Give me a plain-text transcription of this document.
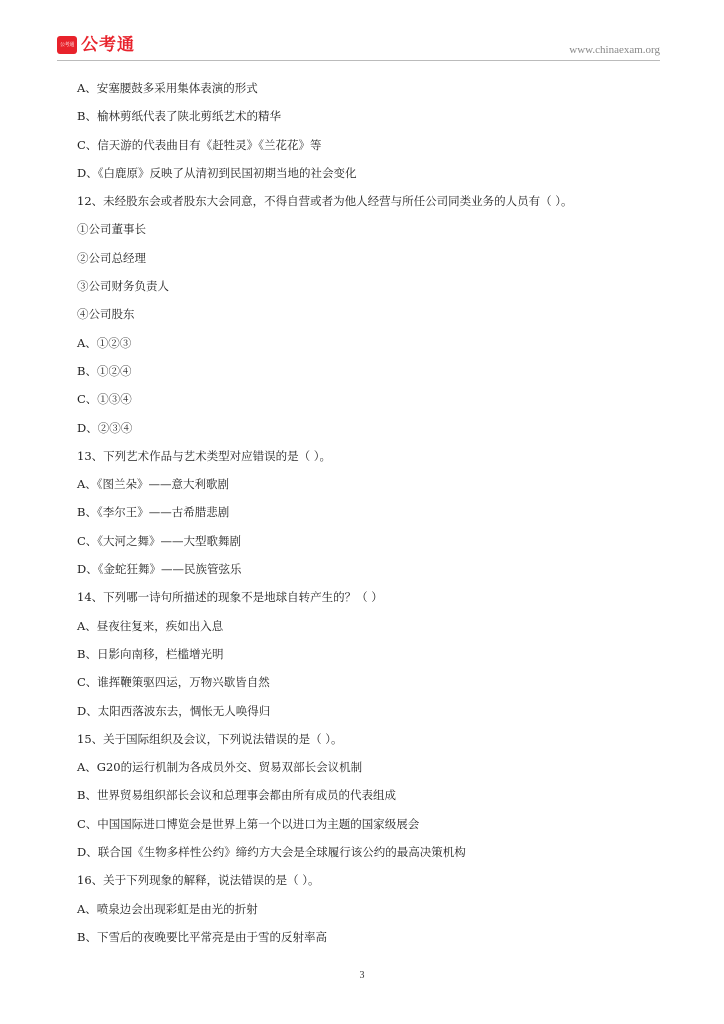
公考通 公考通	www.chinaexam.org
A、安塞腰鼓多采用集体表演的形式
B、榆林剪纸代表了陕北剪纸艺术的精华
C、信天游的代表曲目有《赶牲灵》《兰花花》等
D、《白鹿原》反映了从清初到民国初期当地的社会变化
12、未经股东会或者股东大会同意，不得自营或者为他人经营与所任公司同类业务的人员有（ ）。
①公司董事长
②公司总经理
③公司财务负责人
④公司股东
A、①②③
B、①②④
C、①③④
D、②③④
13、下列艺术作品与艺术类型对应错误的是（ ）。
A、《图兰朵》——意大利歌剧
B、《李尔王》——古希腊悲剧
C、《大河之舞》——大型歌舞剧
D、《金蛇狂舞》——民族管弦乐
14、下列哪一诗句所描述的现象不是地球自转产生的？（ ）
A、昼夜往复来，疾如出入息
B、日影向南移，栏槛增光明
C、谁挥鞭策驱四运，万物兴歇皆自然
D、太阳西落波东去，惆怅无人唤得归
15、关于国际组织及会议，下列说法错误的是（ ）。
A、G20的运行机制为各成员外交、贸易双部长会议机制
B、世界贸易组织部长会议和总理事会都由所有成员的代表组成
C、中国国际进口博览会是世界上第一个以进口为主题的国家级展会
D、联合国《生物多样性公约》缔约方大会是全球履行该公约的最高决策机构
16、关于下列现象的解释，说法错误的是（ ）。
A、喷泉边会出现彩虹是由光的折射
B、下雪后的夜晚要比平常亮是由于雪的反射率高
3
